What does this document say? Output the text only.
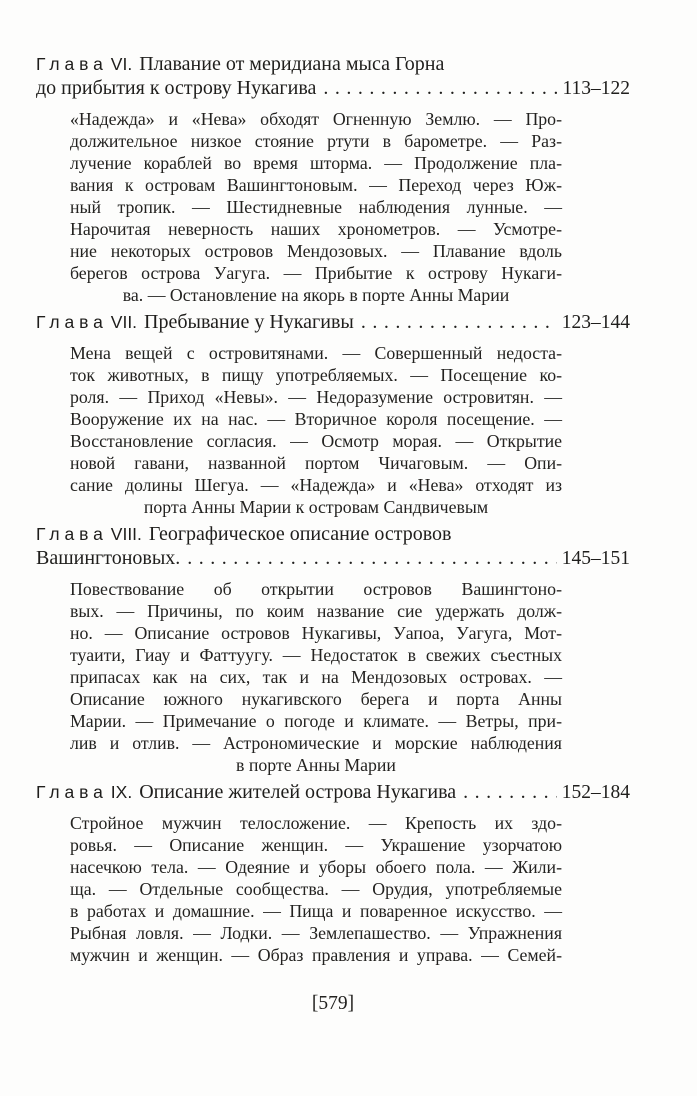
Глава VI. Плавание от меридиана мыса Горна
до прибытия к острову Нукагива .....	113–122
«Надежда» и «Нева» обходят Огненную Землю. — Про-
должительное низкое стояние ртути в барометре. — Раз-
лучение кораблей во время шторма. — Продолжение пла-
вания к островам Вашингтоновым. — Переход через Юж-
ный тропик. — Шестидневные наблюдения лунные. —
Нарочитая неверность наших хронометров. — Усмотре-
ние некоторых островов Мендозовых. — Плавание вдоль
берегов острова Уагуга. — Прибытие к острову Нукаги-
ва. — Остановление на якорь в порте Анны Марии
Глава VII. Пребывание у Нукагивы .....	123–144
Мена вещей с островитянами. — Совершенный недоста-
ток животных, в пищу употребляемых. — Посещение ко-
роля. — Приход «Невы». — Недоразумение островитян. —
Вооружение их на нас. — Вторичное короля посещение. —
Восстановление согласия. — Осмотр морая. — Открытие
новой гавани, названной портом Чичаговым. — Опи-
сание долины Шегуа. — «Надежда» и «Нева» отходят из
порта Анны Марии к островам Сандвичевым
Глава VIII. Географическое описание островов
Вашингтоновых. .....	145–151
Повествование об открытии островов Вашингтоно-
вых. — Причины, по коим название сие удержать долж-
но. — Описание островов Нукагивы, Уапоа, Уагуга, Мот-
туаити, Гиау и Фаттуугу. — Недостаток в свежих съестных
припасах как на сих, так и на Мендозовых островах. —
Описание южного нукагивского берега и порта Анны
Марии. — Примечание о погоде и климате. — Ветры, при-
лив и отлив. — Астрономические и морские наблюдения
в порте Анны Марии
Глава IX. Описание жителей острова Нукагива .....	152–184
Стройное мужчин телосложение. — Крепость их здо-
ровья. — Описание женщин. — Украшение узорчатою
насечкою тела. — Одеяние и уборы обоего пола. — Жили-
ща. — Отдельные сообщества. — Орудия, употребляемые
в работах и домашние. — Пища и поваренное искусство. —
Рыбная ловля. — Лодки. — Землепашество. — Упражнения
мужчин и женщин. — Образ правления и управа. — Семей-
[579]
